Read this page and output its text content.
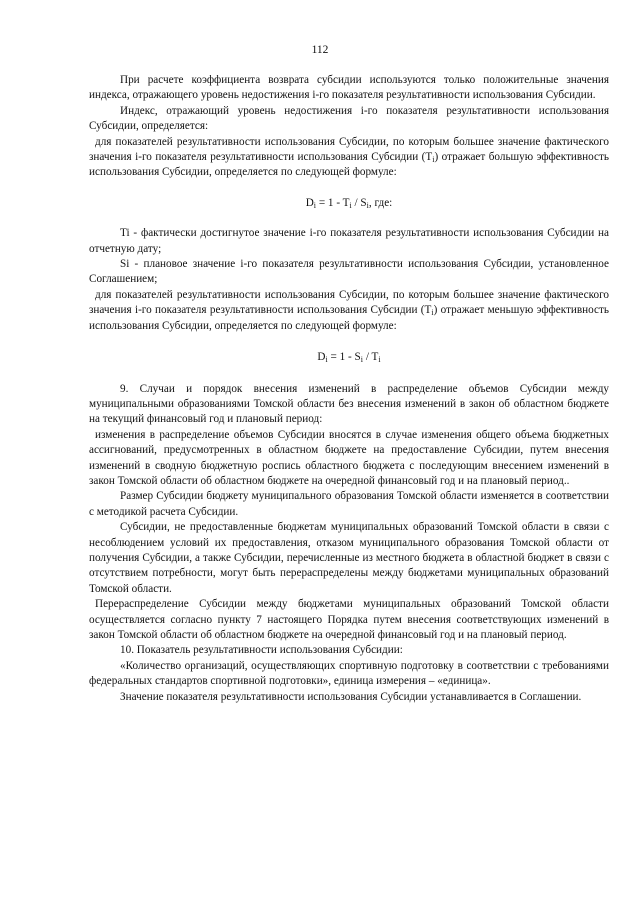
112

При расчете коэффициента возврата субсидии используются только положительные значения индекса, отражающего уровень недостижения i-го показателя результативности использования Субсидии.

Индекс, отражающий уровень недостижения i-го показателя результативности использования Субсидии, определяется:

для показателей результативности использования Субсидии, по которым большее значение фактического значения i-го показателя результативности использования Субсидии $(T_i)$ отражает большую эффективность использования Субсидии, определяется по следующей формуле:

$D_i = 1 - T_i / S_i$, где:

Ti - фактически достигнутое значение i-го показателя результативности использования Субсидии на отчетную дату;

Si - плановое значение i-го показателя результативности использования Субсидии, установленное Соглашением;

для показателей результативности использования Субсидии, по которым большее значение фактического значения i-го показателя результативности использования Субсидии $(T_i)$ отражает меньшую эффективность использования Субсидии, определяется по следующей формуле:

$D_i = 1 - S_i / T_i$

9. Случаи и порядок внесения изменений в распределение объемов Субсидии между муниципальными образованиями Томской области без внесения изменений в закон об областном бюджете на текущий финансовый год и плановый период:

изменения в распределение объемов Субсидии вносятся в случае изменения общего объема бюджетных ассигнований, предусмотренных в областном бюджете на предоставление Субсидии, путем внесения изменений в сводную бюджетную роспись областного бюджета с последующим внесением изменений в закон Томской области об областном бюджете на очередной финансовый год и на плановый период..

Размер Субсидии бюджету муниципального образования Томской области изменяется в соответствии с методикой расчета Субсидии.

Субсидии, не предоставленные бюджетам муниципальных образований Томской области в связи с несоблюдением условий их предоставления, отказом муниципального образования Томской области от получения Субсидии, а также Субсидии, перечисленные из местного бюджета в областной бюджет в связи с отсутствием потребности, могут быть перераспределены между бюджетами муниципальных образований Томской области.

Перераспределение Субсидии между бюджетами муниципальных образований Томской области осуществляется согласно пункту 7 настоящего Порядка путем внесения соответствующих изменений в закон Томской области об областном бюджете на очередной финансовый год и на плановый период.

10. Показатель результативности использования Субсидии:

«Количество организаций, осуществляющих спортивную подготовку в соответствии с требованиями федеральных стандартов спортивной подготовки», единица измерения – «единица».

Значение показателя результативности использования Субсидии устанавливается в Соглашении.
